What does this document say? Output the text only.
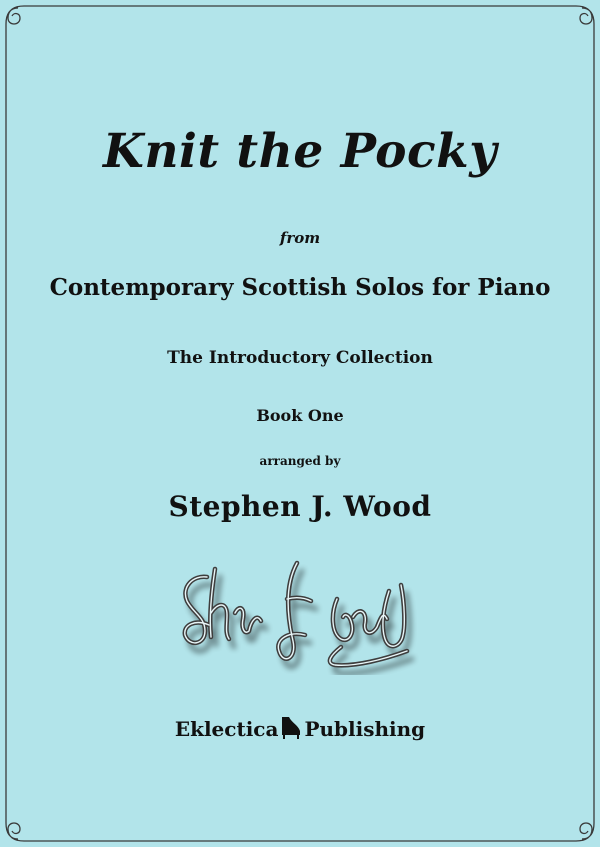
Knit the Pocky
from
Contemporary Scottish Solos for Piano
The Introductory Collection
Book One
arranged by
Stephen J. Wood
Eklectica Publishing
